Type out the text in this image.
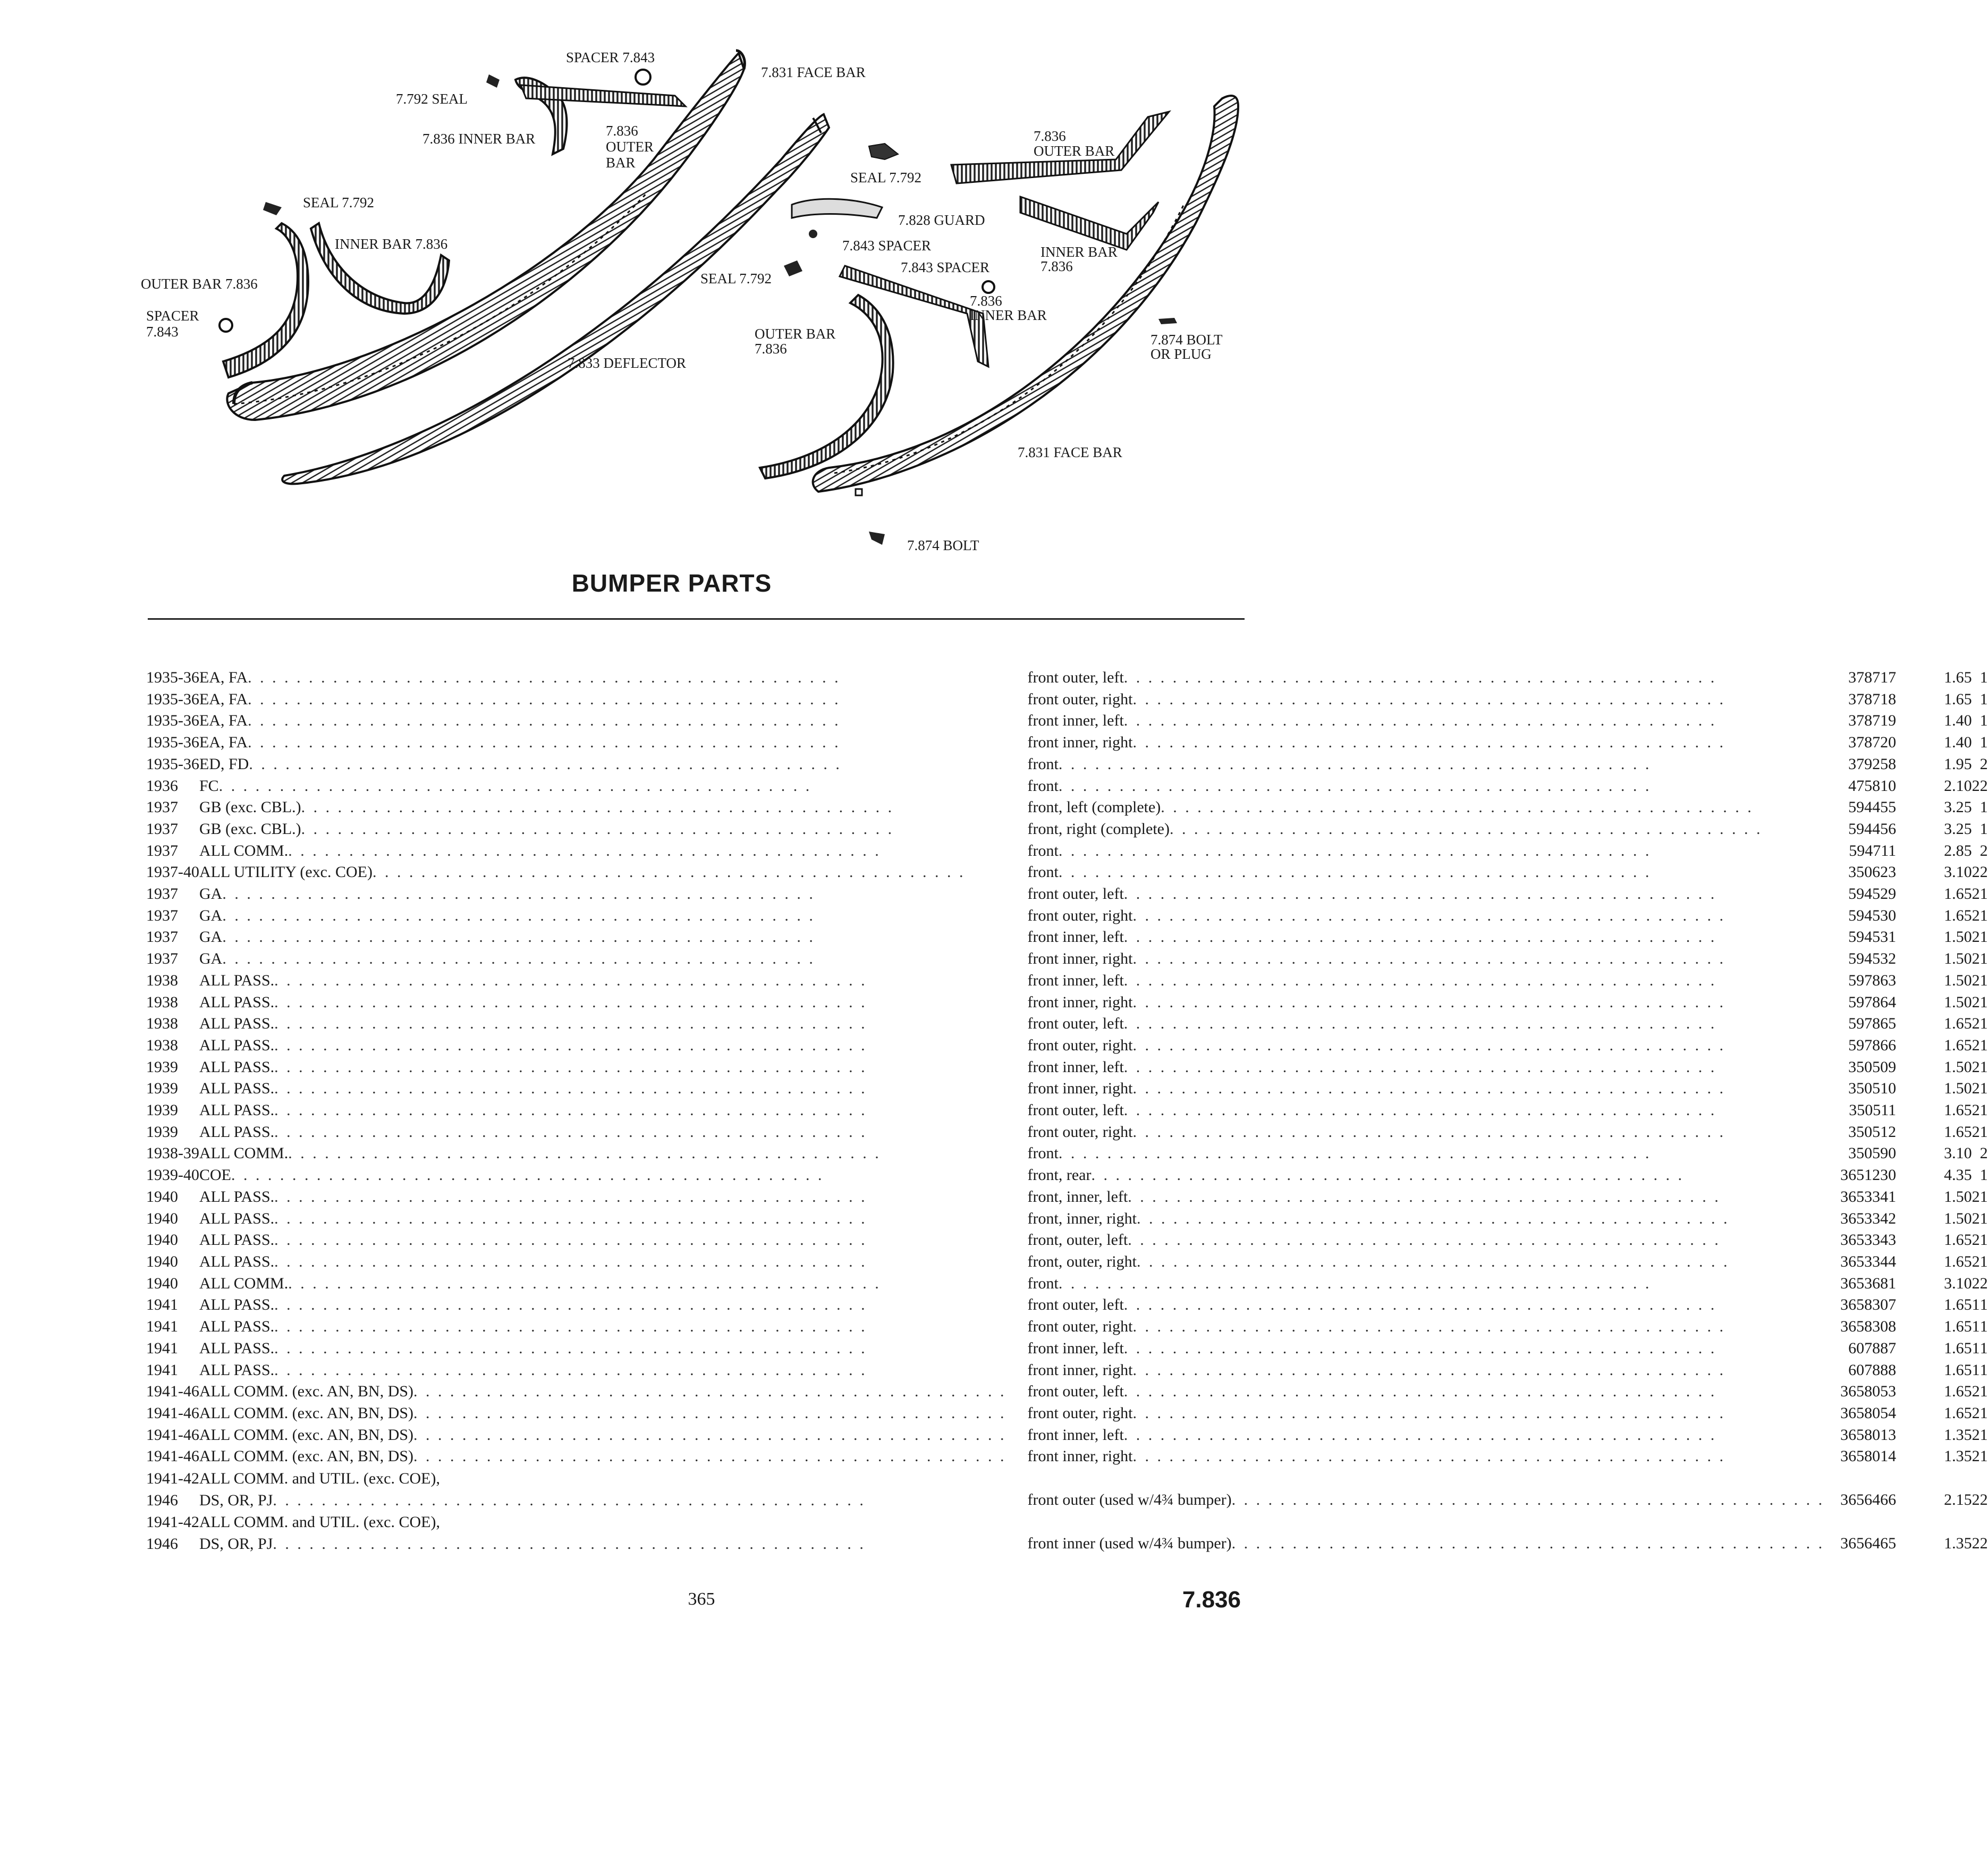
SPACER 7.843
7.792 SEAL
7.831 FACE BAR
7.836 INNER BAR	7.836
OUTER
BAR
SEAL 7.792
INNER BAR 7.836
OUTER BAR 7.836
SPACER
7.843
7.833 DEFLECTOR
7.836
OUTER BAR
SEAL 7.792
7.828 GUARD
7.843 SPACER	INNER BAR
7.836
7.843 SPACER
SEAL 7.792
7.836
INNER BAR
7.874 BOLT
OR PLUG
OUTER BAR
7.836
7.831 FACE BAR
7.874 BOLT
BUMPER PARTS
1935-36	EA, FA . . . . . . . . . . . . . . . . . . . . . . . . . . . . . . . . . . . . . . . . . . . . . . . . .	front outer, left . . . . . . . . . . . . . . . . . . . . . . . . . . . . . . . . . . . . . . . . . . . . . . . . .	378717	1.65		1

1935-36	EA, FA . . . . . . . . . . . . . . . . . . . . . . . . . . . . . . . . . . . . . . . . . . . . . . . . .	front outer, right . . . . . . . . . . . . . . . . . . . . . . . . . . . . . . . . . . . . . . . . . . . . . . . . .	378718	1.65		1

1935-36	EA, FA . . . . . . . . . . . . . . . . . . . . . . . . . . . . . . . . . . . . . . . . . . . . . . . . .	front inner, left . . . . . . . . . . . . . . . . . . . . . . . . . . . . . . . . . . . . . . . . . . . . . . . . .	378719	1.40		1

1935-36	EA, FA . . . . . . . . . . . . . . . . . . . . . . . . . . . . . . . . . . . . . . . . . . . . . . . . .	front inner, right . . . . . . . . . . . . . . . . . . . . . . . . . . . . . . . . . . . . . . . . . . . . . . . . .	378720	1.40		1

1935-36	ED, FD . . . . . . . . . . . . . . . . . . . . . . . . . . . . . . . . . . . . . . . . . . . . . . . . .	front . . . . . . . . . . . . . . . . . . . . . . . . . . . . . . . . . . . . . . . . . . . . . . . . .	379258	1.95		2

1936	FC . . . . . . . . . . . . . . . . . . . . . . . . . . . . . . . . . . . . . . . . . . . . . . . . .	front . . . . . . . . . . . . . . . . . . . . . . . . . . . . . . . . . . . . . . . . . . . . . . . . .	475810	2.10	2	2

1937	GB (exc. CBL.) . . . . . . . . . . . . . . . . . . . . . . . . . . . . . . . . . . . . . . . . . . . . . . . . .	front, left (complete) . . . . . . . . . . . . . . . . . . . . . . . . . . . . . . . . . . . . . . . . . . . . . . . . .	594455	3.25		1

1937	GB (exc. CBL.) . . . . . . . . . . . . . . . . . . . . . . . . . . . . . . . . . . . . . . . . . . . . . . . . .	front, right (complete) . . . . . . . . . . . . . . . . . . . . . . . . . . . . . . . . . . . . . . . . . . . . . . . . .	594456	3.25		1

1937	ALL COMM. . . . . . . . . . . . . . . . . . . . . . . . . . . . . . . . . . . . . . . . . . . . . . . . . .	front . . . . . . . . . . . . . . . . . . . . . . . . . . . . . . . . . . . . . . . . . . . . . . . . .	594711	2.85		2

1937-40	ALL UTILITY (exc. COE) . . . . . . . . . . . . . . . . . . . . . . . . . . . . . . . . . . . . . . . . . . . . . . . . .	front . . . . . . . . . . . . . . . . . . . . . . . . . . . . . . . . . . . . . . . . . . . . . . . . .	350623	3.10	2	2

1937	GA . . . . . . . . . . . . . . . . . . . . . . . . . . . . . . . . . . . . . . . . . . . . . . . . .	front outer, left . . . . . . . . . . . . . . . . . . . . . . . . . . . . . . . . . . . . . . . . . . . . . . . . .	594529	1.65	2	1

1937	GA . . . . . . . . . . . . . . . . . . . . . . . . . . . . . . . . . . . . . . . . . . . . . . . . .	front outer, right . . . . . . . . . . . . . . . . . . . . . . . . . . . . . . . . . . . . . . . . . . . . . . . . .	594530	1.65	2	1

1937	GA . . . . . . . . . . . . . . . . . . . . . . . . . . . . . . . . . . . . . . . . . . . . . . . . .	front inner, left . . . . . . . . . . . . . . . . . . . . . . . . . . . . . . . . . . . . . . . . . . . . . . . . .	594531	1.50	2	1

1937	GA . . . . . . . . . . . . . . . . . . . . . . . . . . . . . . . . . . . . . . . . . . . . . . . . .	front inner, right . . . . . . . . . . . . . . . . . . . . . . . . . . . . . . . . . . . . . . . . . . . . . . . . .	594532	1.50	2	1

1938	ALL PASS. . . . . . . . . . . . . . . . . . . . . . . . . . . . . . . . . . . . . . . . . . . . . . . . . .	front inner, left . . . . . . . . . . . . . . . . . . . . . . . . . . . . . . . . . . . . . . . . . . . . . . . . .	597863	1.50	2	1

1938	ALL PASS. . . . . . . . . . . . . . . . . . . . . . . . . . . . . . . . . . . . . . . . . . . . . . . . . .	front inner, right . . . . . . . . . . . . . . . . . . . . . . . . . . . . . . . . . . . . . . . . . . . . . . . . .	597864	1.50	2	1

1938	ALL PASS. . . . . . . . . . . . . . . . . . . . . . . . . . . . . . . . . . . . . . . . . . . . . . . . . .	front outer, left . . . . . . . . . . . . . . . . . . . . . . . . . . . . . . . . . . . . . . . . . . . . . . . . .	597865	1.65	2	1

1938	ALL PASS. . . . . . . . . . . . . . . . . . . . . . . . . . . . . . . . . . . . . . . . . . . . . . . . . .	front outer, right . . . . . . . . . . . . . . . . . . . . . . . . . . . . . . . . . . . . . . . . . . . . . . . . .	597866	1.65	2	1

1939	ALL PASS. . . . . . . . . . . . . . . . . . . . . . . . . . . . . . . . . . . . . . . . . . . . . . . . . .	front inner, left . . . . . . . . . . . . . . . . . . . . . . . . . . . . . . . . . . . . . . . . . . . . . . . . .	350509	1.50	2	1

1939	ALL PASS. . . . . . . . . . . . . . . . . . . . . . . . . . . . . . . . . . . . . . . . . . . . . . . . . .	front inner, right . . . . . . . . . . . . . . . . . . . . . . . . . . . . . . . . . . . . . . . . . . . . . . . . .	350510	1.50	2	1

1939	ALL PASS. . . . . . . . . . . . . . . . . . . . . . . . . . . . . . . . . . . . . . . . . . . . . . . . . .	front outer, left . . . . . . . . . . . . . . . . . . . . . . . . . . . . . . . . . . . . . . . . . . . . . . . . .	350511	1.65	2	1

1939	ALL PASS. . . . . . . . . . . . . . . . . . . . . . . . . . . . . . . . . . . . . . . . . . . . . . . . . .	front outer, right . . . . . . . . . . . . . . . . . . . . . . . . . . . . . . . . . . . . . . . . . . . . . . . . .	350512	1.65	2	1

1938-39	ALL COMM. . . . . . . . . . . . . . . . . . . . . . . . . . . . . . . . . . . . . . . . . . . . . . . . . .	front . . . . . . . . . . . . . . . . . . . . . . . . . . . . . . . . . . . . . . . . . . . . . . . . .	350590	3.10		2

1939-40	COE . . . . . . . . . . . . . . . . . . . . . . . . . . . . . . . . . . . . . . . . . . . . . . . . .	front, rear . . . . . . . . . . . . . . . . . . . . . . . . . . . . . . . . . . . . . . . . . . . . . . . . .	3651230	4.35		1

1940	ALL PASS. . . . . . . . . . . . . . . . . . . . . . . . . . . . . . . . . . . . . . . . . . . . . . . . . .	front, inner, left . . . . . . . . . . . . . . . . . . . . . . . . . . . . . . . . . . . . . . . . . . . . . . . . .	3653341	1.50	2	1

1940	ALL PASS. . . . . . . . . . . . . . . . . . . . . . . . . . . . . . . . . . . . . . . . . . . . . . . . . .	front, inner, right . . . . . . . . . . . . . . . . . . . . . . . . . . . . . . . . . . . . . . . . . . . . . . . . .	3653342	1.50	2	1

1940	ALL PASS. . . . . . . . . . . . . . . . . . . . . . . . . . . . . . . . . . . . . . . . . . . . . . . . . .	front, outer, left . . . . . . . . . . . . . . . . . . . . . . . . . . . . . . . . . . . . . . . . . . . . . . . . .	3653343	1.65	2	1

1940	ALL PASS. . . . . . . . . . . . . . . . . . . . . . . . . . . . . . . . . . . . . . . . . . . . . . . . . .	front, outer, right . . . . . . . . . . . . . . . . . . . . . . . . . . . . . . . . . . . . . . . . . . . . . . . . .	3653344	1.65	2	1

1940	ALL COMM. . . . . . . . . . . . . . . . . . . . . . . . . . . . . . . . . . . . . . . . . . . . . . . . . .	front . . . . . . . . . . . . . . . . . . . . . . . . . . . . . . . . . . . . . . . . . . . . . . . . .	3653681	3.10	2	2

1941	ALL PASS. . . . . . . . . . . . . . . . . . . . . . . . . . . . . . . . . . . . . . . . . . . . . . . . . .	front outer, left . . . . . . . . . . . . . . . . . . . . . . . . . . . . . . . . . . . . . . . . . . . . . . . . .	3658307	1.65	1	1

1941	ALL PASS. . . . . . . . . . . . . . . . . . . . . . . . . . . . . . . . . . . . . . . . . . . . . . . . . .	front outer, right . . . . . . . . . . . . . . . . . . . . . . . . . . . . . . . . . . . . . . . . . . . . . . . . .	3658308	1.65	1	1

1941	ALL PASS. . . . . . . . . . . . . . . . . . . . . . . . . . . . . . . . . . . . . . . . . . . . . . . . . .	front inner, left . . . . . . . . . . . . . . . . . . . . . . . . . . . . . . . . . . . . . . . . . . . . . . . . .	607887	1.65	1	1

1941	ALL PASS. . . . . . . . . . . . . . . . . . . . . . . . . . . . . . . . . . . . . . . . . . . . . . . . . .	front inner, right . . . . . . . . . . . . . . . . . . . . . . . . . . . . . . . . . . . . . . . . . . . . . . . . .	607888	1.65	1	1

1941-46	ALL COMM. (exc. AN, BN, DS) . . . . . . . . . . . . . . . . . . . . . . . . . . . . . . . . . . . . . . . . . . . . . . . . .	front outer, left . . . . . . . . . . . . . . . . . . . . . . . . . . . . . . . . . . . . . . . . . . . . . . . . .	3658053	1.65	2	1

1941-46	ALL COMM. (exc. AN, BN, DS) . . . . . . . . . . . . . . . . . . . . . . . . . . . . . . . . . . . . . . . . . . . . . . . . .	front outer, right . . . . . . . . . . . . . . . . . . . . . . . . . . . . . . . . . . . . . . . . . . . . . . . . .	3658054	1.65	2	1

1941-46	ALL COMM. (exc. AN, BN, DS) . . . . . . . . . . . . . . . . . . . . . . . . . . . . . . . . . . . . . . . . . . . . . . . . .	front inner, left . . . . . . . . . . . . . . . . . . . . . . . . . . . . . . . . . . . . . . . . . . . . . . . . .	3658013	1.35	2	1

1941-46	ALL COMM. (exc. AN, BN, DS) . . . . . . . . . . . . . . . . . . . . . . . . . . . . . . . . . . . . . . . . . . . . . . . . .	front inner, right . . . . . . . . . . . . . . . . . . . . . . . . . . . . . . . . . . . . . . . . . . . . . . . . .	3658014	1.35	2	1

1941-42
1946	ALL COMM. and UTIL. (exc. COE),
DS, OR, PJ . . . . . . . . . . . . . . . . . . . . . . . . . . . . . . . . . . . . . . . . . . . . . . . . .	front outer (used w/4¾ bumper) . . . . . . . . . . . . . . . . . . . . . . . . . . . . . . . . . . . . . . . . . . . . . . . . .	3656466	2.15	2	2

1941-42
1946	ALL COMM. and UTIL. (exc. COE),
DS, OR, PJ . . . . . . . . . . . . . . . . . . . . . . . . . . . . . . . . . . . . . . . . . . . . . . . . .	front inner (used w/4¾ bumper) . . . . . . . . . . . . . . . . . . . . . . . . . . . . . . . . . . . . . . . . . . . . . . . . .	3656465	1.35	2	2
365	7.836
